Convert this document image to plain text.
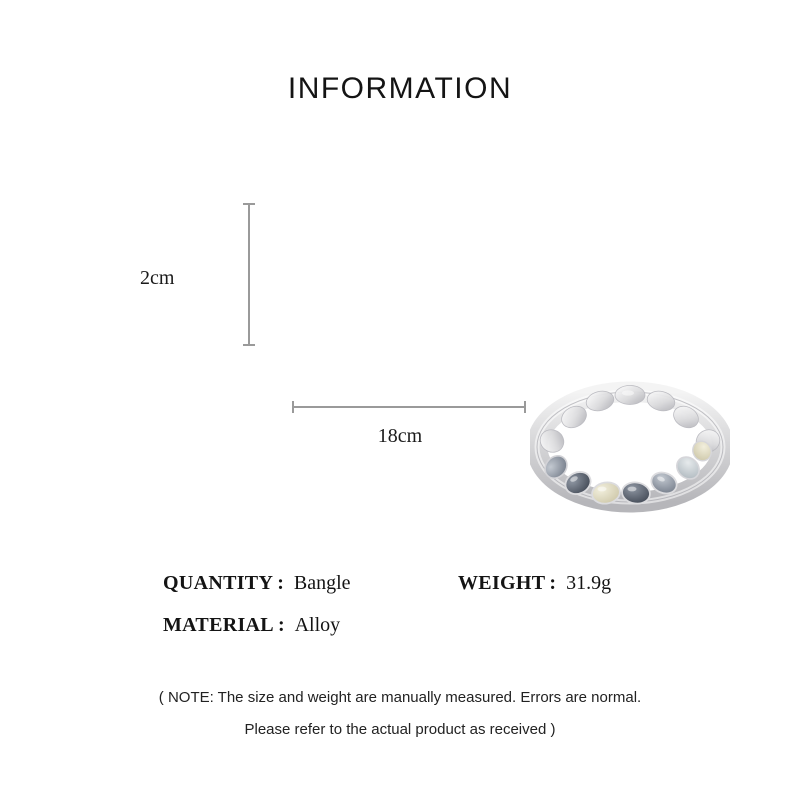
INFORMATION
2cm
18cm
QUANTITY : Bangle	WEIGHT : 31.9g
MATERIAL : Alloy
( NOTE: The size and weight are manually measured. Errors are normal.
Please refer to the actual product as received )
